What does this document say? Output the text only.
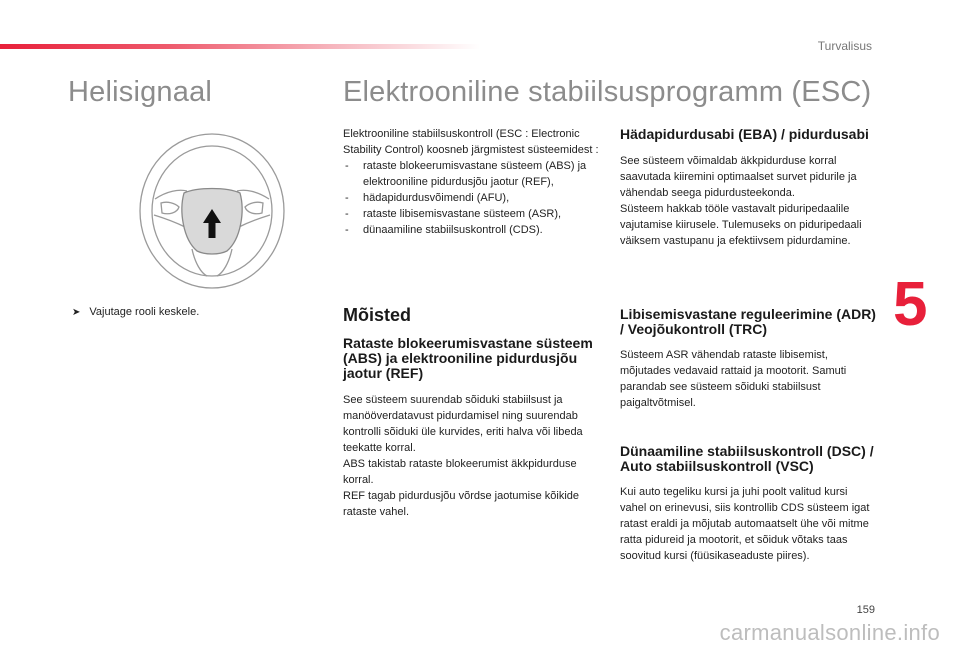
Turvalisus
Helisignaal	Elektrooniline stabiilsusprogramm (ESC)
➤ Vajutage rooli keskele.

Elektrooniline stabiilsuskontroll (ESC : Electronic Stability Control) koosneb järgmistest süsteemidest :

- rataste blokeerumisvastane süsteem (ABS) ja elektrooniline pidurdusjõu jaotur (REF),
- hädapidurdusvõimendi (AFU),
- rataste libisemisvastane süsteem (ASR),
- dünaamiline stabiilsuskontroll (CDS).
Mõisted
Rataste blokeerumisvastane süsteem (ABS) ja elektrooniline pidurdusjõu jaotur (REF)

See süsteem suurendab sõiduki stabiilsust ja manööverdatavust pidurdamisel ning suurendab kontrolli sõiduki üle kurvides, eriti halva või libeda teekatte korral.

ABS takistab rataste blokeerumist äkkpidurduse korral.

REF tagab pidurdusjõu võrdse jaotumise kõikide rataste vahel.

Hädapidurdusabi (EBA) / pidurdusabi

See süsteem võimaldab äkkpidurduse korral saavutada kiiremini optimaalset survet pidurile ja vähendab seega pidurdusteekonda.

Süsteem hakkab tööle vastavalt piduripedaalile vajutamise kiirusele. Tulemuseks on piduripedaali väiksem vastupanu ja efektiivsem pidurdamine.

Libisemisvastane reguleerimine (ADR) / Veojõukontroll (TRC)

Süsteem ASR vähendab rataste libisemist, mõjutades vedavaid rattaid ja mootorit. Samuti parandab see süsteem sõiduki stabiilsust paigaltvõtmisel.

Dünaamiline stabiilsuskontroll (DSC) / Auto stabiilsuskontroll (VSC)

Kui auto tegeliku kursi ja juhi poolt valitud kursi vahel on erinevusi, siis kontrollib CDS süsteem igat ratast eraldi ja mõjutab automaatselt ühe või mitme ratta pidureid ja mootorit, et sõiduk võtaks taas soovitud kursi (füüsikaseaduste piires).

5
159
carmanualsonline.info
